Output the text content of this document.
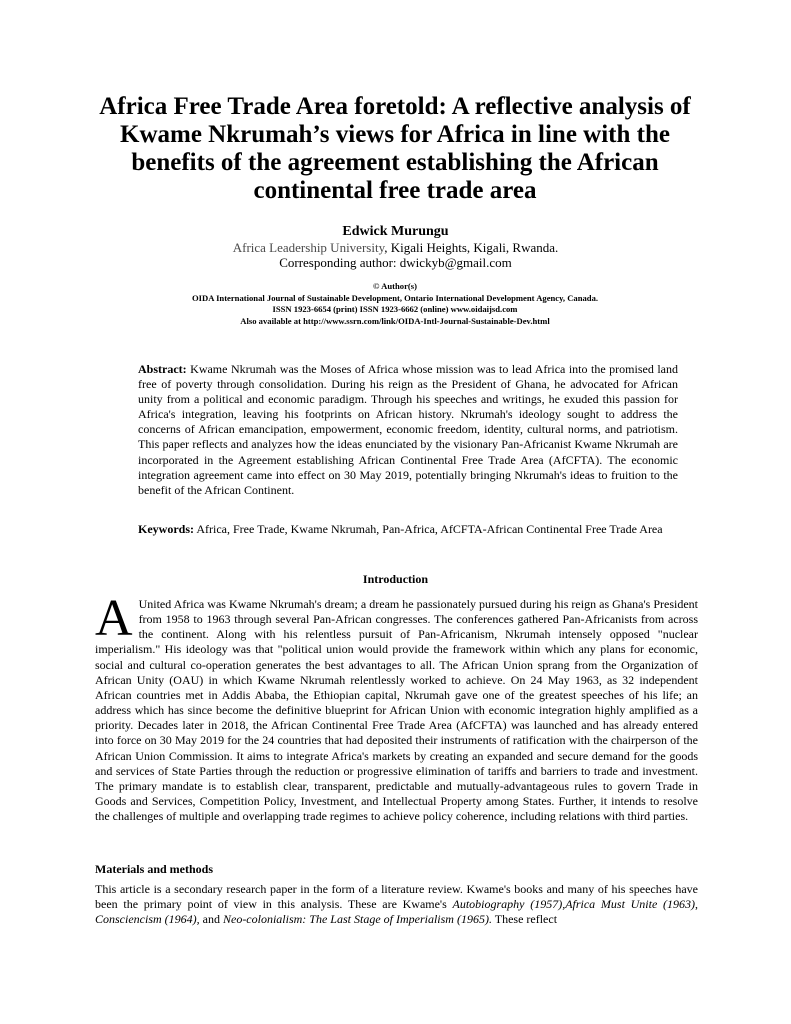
Africa Free Trade Area foretold: A reflective analysis of Kwame Nkrumah’s views for Africa in line with the benefits of the agreement establishing the African continental free trade area
Edwick Murungu
Africa Leadership University, Kigali Heights, Kigali, Rwanda.
Corresponding author: dwickyb@gmail.com
© Author(s)
OIDA International Journal of Sustainable Development, Ontario International Development Agency, Canada.
ISSN 1923-6654 (print) ISSN 1923-6662 (online) www.oidaijsd.com
Also available at http://www.ssrn.com/link/OIDA-Intl-Journal-Sustainable-Dev.html

Abstract: Kwame Nkrumah was the Moses of Africa whose mission was to lead Africa into the promised land free of poverty through consolidation. During his reign as the President of Ghana, he advocated for African unity from a political and economic paradigm. Through his speeches and writings, he exuded this passion for Africa's integration, leaving his footprints on African history. Nkrumah's ideology sought to address the concerns of African emancipation, empowerment, economic freedom, identity, cultural norms, and patriotism. This paper reflects and analyzes how the ideas enunciated by the visionary Pan-Africanist Kwame Nkrumah are incorporated in the Agreement establishing African Continental Free Trade Area (AfCFTA). The economic integration agreement came into effect on 30 May 2019, potentially bringing Nkrumah's ideas to fruition to the benefit of the African Continent.

Keywords: Africa, Free Trade, Kwame Nkrumah, Pan-Africa, AfCFTA-African Continental Free Trade Area

Introduction

A United Africa was Kwame Nkrumah's dream; a dream he passionately pursued during his reign as Ghana's President from 1958 to 1963 through several Pan-African congresses. The conferences gathered Pan-Africanists from across the continent. Along with his relentless pursuit of Pan-Africanism, Nkrumah intensely opposed "nuclear imperialism." His ideology was that "political union would provide the framework within which any plans for economic, social and cultural co-operation generates the best advantages to all. The African Union sprang from the Organization of African Unity (OAU) in which Kwame Nkrumah relentlessly worked to achieve. On 24 May 1963, as 32 independent African countries met in Addis Ababa, the Ethiopian capital, Nkrumah gave one of the greatest speeches of his life; an address which has since become the definitive blueprint for African Union with economic integration highly amplified as a priority. Decades later in 2018, the African Continental Free Trade Area (AfCFTA) was launched and has already entered into force on 30 May 2019 for the 24 countries that had deposited their instruments of ratification with the chairperson of the African Union Commission. It aims to integrate Africa's markets by creating an expanded and secure demand for the goods and services of State Parties through the reduction or progressive elimination of tariffs and barriers to trade and investment. The primary mandate is to establish clear, transparent, predictable and mutually-advantageous rules to govern Trade in Goods and Services, Competition Policy, Investment, and Intellectual Property among States. Further, it intends to resolve the challenges of multiple and overlapping trade regimes to achieve policy coherence, including relations with third parties.

Materials and methods

This article is a secondary research paper in the form of a literature review. Kwame's books and many of his speeches have been the primary point of view in this analysis. These are Kwame's Autobiography (1957),Africa Must Unite (1963), Consciencism (1964), and Neo-colonialism: The Last Stage of Imperialism (1965). These reflect
